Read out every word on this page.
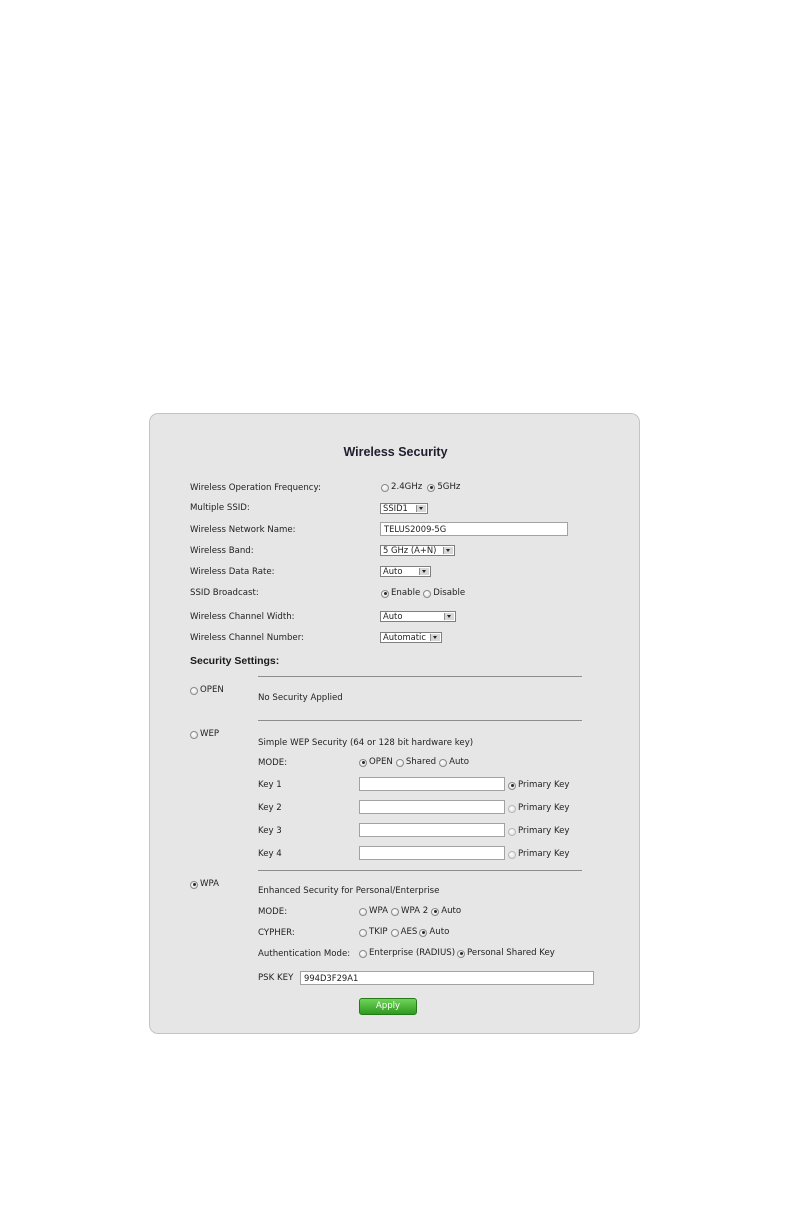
Wireless Security
Wireless Operation Frequency:	2.4GHz 5GHz
Multiple SSID:	SSID1
Wireless Network Name:	TELUS2009-5G
Wireless Band:	5 GHz (A+N)
Wireless Data Rate:	Auto
SSID Broadcast:	Enable Disable
Wireless Channel Width:	Auto
Wireless Channel Number:	Automatic
Security Settings:
OPEN
No Security Applied
WEP
Simple WEP Security (64 or 128 bit hardware key)
MODE:	OPEN Shared Auto
Key 1	Primary Key
Key 2	Primary Key
Key 3	Primary Key
Key 4	Primary Key
WPA
Enhanced Security for Personal/Enterprise
MODE:	WPA WPA 2 Auto
CYPHER:	TKIP AES Auto
Authentication Mode: Enterprise (RADIUS) Personal Shared Key
PSK KEY	994D3F29A1
Apply
